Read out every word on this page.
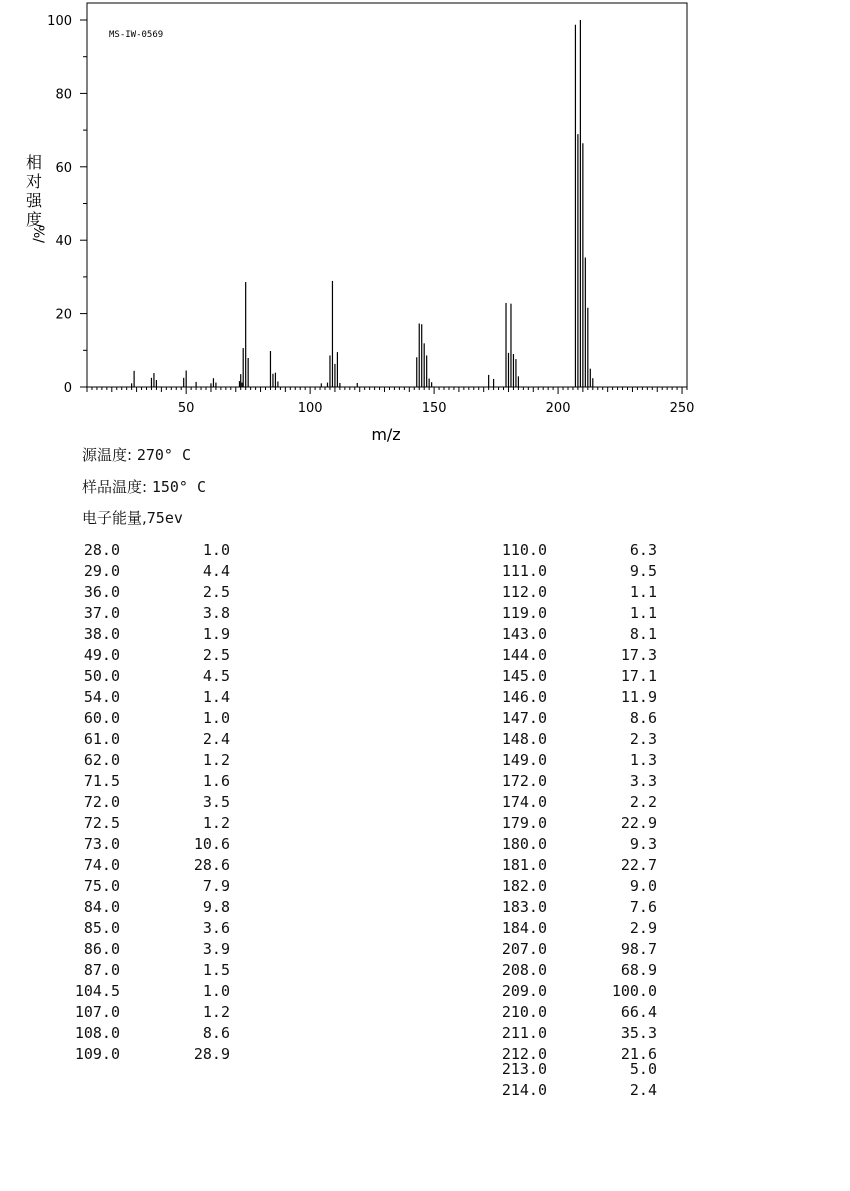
MS-IW-0569
0
20
40
60
80
100
50	100	150	200	250
相
对
强
度
%/
m/z
源温度: 270° C
样品温度: 150° C
电子能量,75ev
28.0	1.0
29.0	4.4
36.0	2.5
37.0	3.8
38.0	1.9
49.0	2.5
50.0	4.5
54.0	1.4
60.0	1.0
61.0	2.4
62.0	1.2
71.5	1.6
72.0	3.5
72.5	1.2
73.0	10.6
74.0	28.6
75.0	7.9
84.0	9.8
85.0	3.6
86.0	3.9
87.0	1.5
104.5	1.0
107.0	1.2
108.0	8.6
109.0	28.9
110.0	6.3
111.0	9.5
112.0	1.1
119.0	1.1
143.0	8.1
144.0	17.3
145.0	17.1
146.0	11.9
147.0	8.6
148.0	2.3
149.0	1.3
172.0	3.3
174.0	2.2
179.0	22.9
180.0	9.3
181.0	22.7
182.0	9.0
183.0	7.6
184.0	2.9
207.0	98.7
208.0	68.9
209.0	100.0
210.0	66.4
211.0	35.3
212.0	21.6
213.0	5.0
214.0	2.4
